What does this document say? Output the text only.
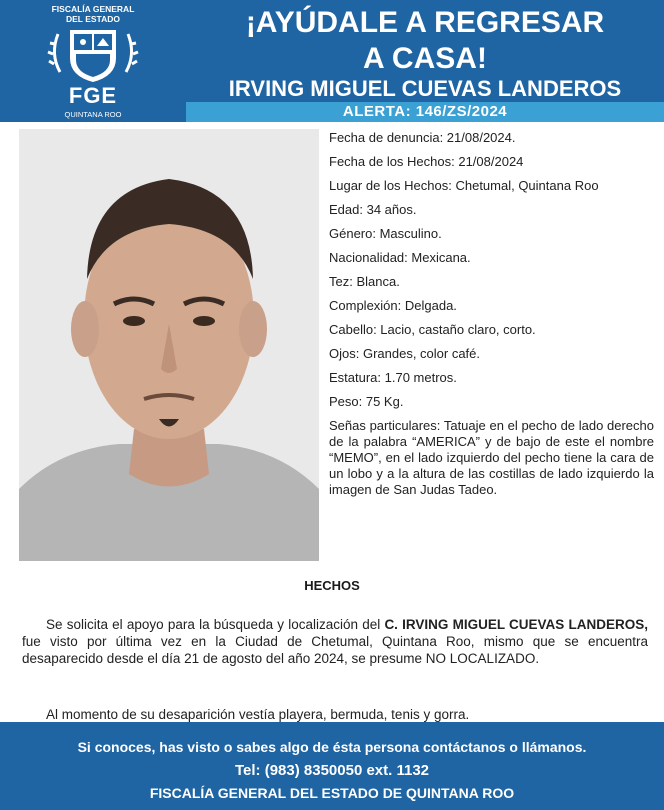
FISCALÍA GENERAL
DEL ESTADO
FGE
QUINTANA ROO
¡AYÚDALE A REGRESAR
A CASA!
IRVING MIGUEL CUEVAS LANDEROS
ALERTA: 146/ZS/2024
Fecha de denuncia: 21/08/2024.
Fecha de los Hechos: 21/08/2024
Lugar de los Hechos: Chetumal, Quintana Roo
Edad: 34 años.
Género: Masculino.
Nacionalidad: Mexicana.
Tez: Blanca.
Complexión: Delgada.
Cabello: Lacio, castaño claro, corto.
Ojos: Grandes, color café.
Estatura: 1.70 metros.
Peso: 75 Kg.
Señas particulares: Tatuaje en el pecho de lado derecho de la palabra “AMERICA” y de bajo de este el nombre “MEMO”, en el lado izquierdo del pecho tiene la cara de un lobo y a la altura de las costillas de lado izquierdo la imagen de San Judas Tadeo.
HECHOS
Se solicita el apoyo para la búsqueda y localización del C. IRVING MIGUEL CUEVAS LANDEROS, fue visto por última vez en la Ciudad de Chetumal, Quintana Roo, mismo que se encuentra desaparecido desde el día 21 de agosto del año 2024, se presume NO LOCALIZADO.
Al momento de su desaparición vestía playera, bermuda, tenis y gorra.
Si conoces, has visto o sabes algo de ésta persona contáctanos o llámanos.
Tel: (983) 8350050 ext. 1132
FISCALÍA GENERAL DEL ESTADO DE QUINTANA ROO
